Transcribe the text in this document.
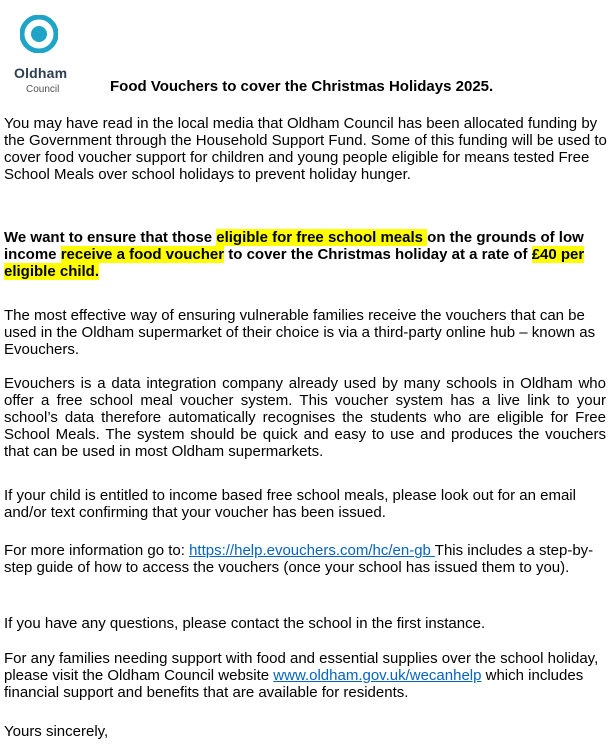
Oldham
Council	Food Vouchers to cover the Christmas Holidays 2025.

You may have read in the local media that Oldham Council has been allocated funding by the Government through the Household Support Fund. Some of this funding will be used to cover food voucher support for children and young people eligible for means tested Free School Meals over school holidays to prevent holiday hunger.

We want to ensure that those eligible for free school meals on the grounds of low income receive a food voucher to cover the Christmas holiday at a rate of £40 per eligible child.

The most effective way of ensuring vulnerable families receive the vouchers that can be used in the Oldham supermarket of their choice is via a third-party online hub – known as Evouchers.

Evouchers is a data integration company already used by many schools in Oldham who offer a free school meal voucher system. This voucher system has a live link to your school’s data therefore automatically recognises the students who are eligible for Free School Meals. The system should be quick and easy to use and produces the vouchers that can be used in most Oldham supermarkets.

If your child is entitled to income based free school meals, please look out for an email and/or text confirming that your voucher has been issued.

For more information go to: https://help.evouchers.com/hc/en-gb This includes a step-by-step guide of how to access the vouchers (once your school has issued them to you).

If you have any questions, please contact the school in the first instance.

For any families needing support with food and essential supplies over the school holiday, please visit the Oldham Council website www.oldham.gov.uk/wecanhelp which includes financial support and benefits that are available for residents.

Yours sincerely,
